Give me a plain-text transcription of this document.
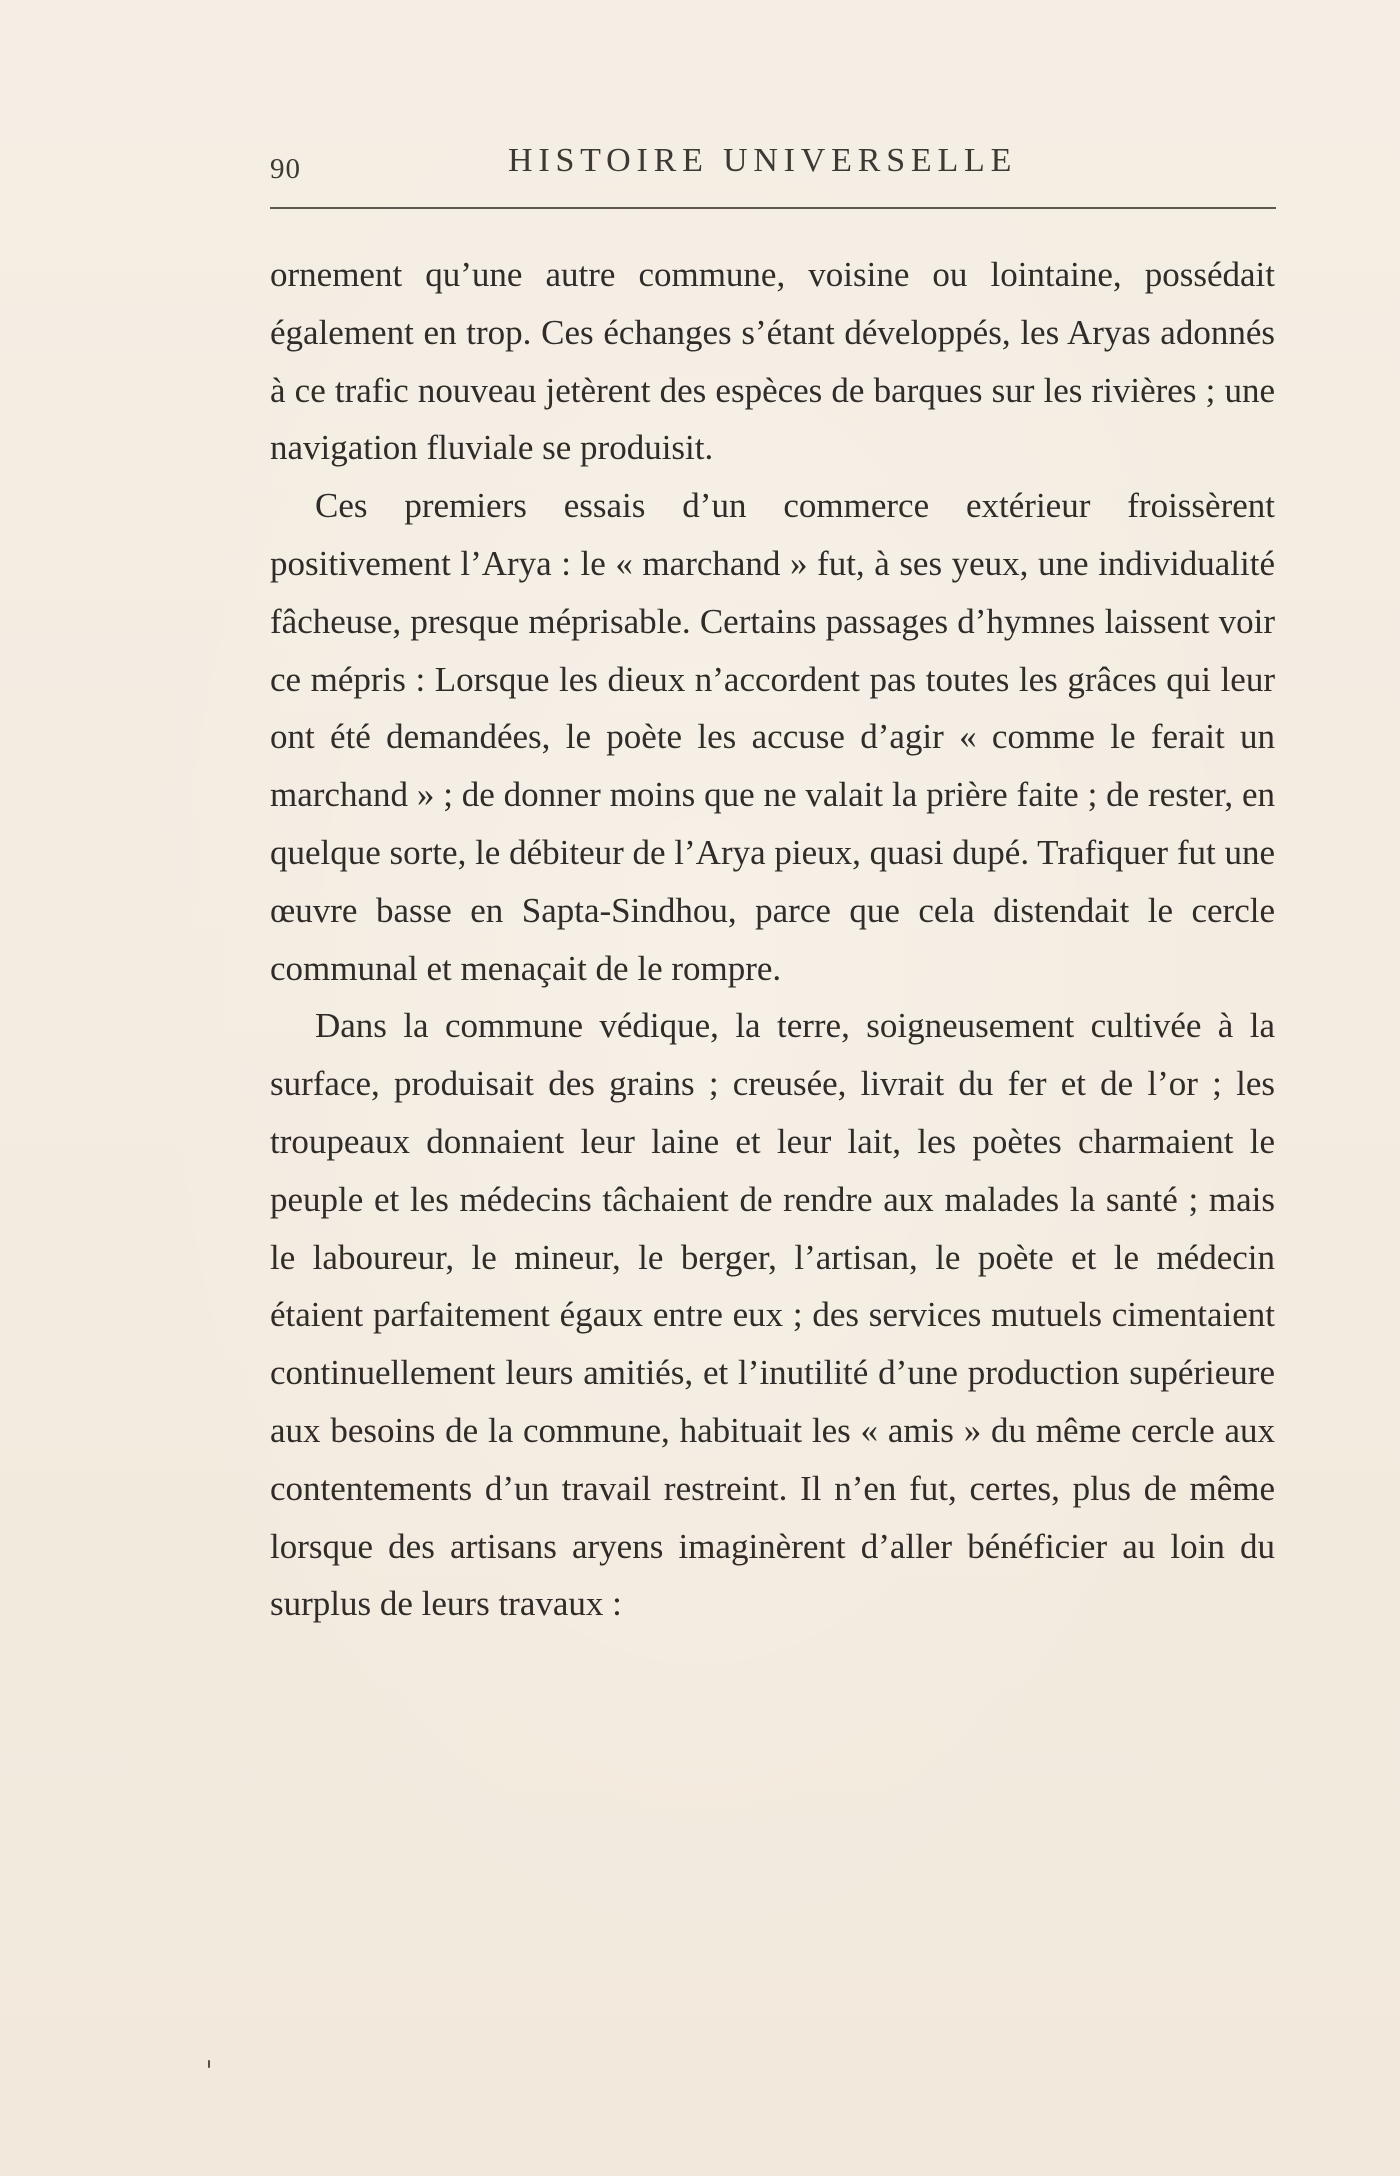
90	HISTOIRE UNIVERSELLE

ornement qu’une autre commune, voisine ou lointaine, possédait également en trop. Ces échanges s’étant développés, les Aryas adonnés à ce trafic nouveau jetèrent des espèces de barques sur les rivières ; une navigation fluviale se produisit.

Ces premiers essais d’un commerce extérieur froissèrent positivement l’Arya : le « marchand » fut, à ses yeux, une individualité fâcheuse, presque méprisable. Certains passages d’hymnes laissent voir ce mépris : Lorsque les dieux n’accordent pas toutes les grâces qui leur ont été demandées, le poète les accuse d’agir « comme le ferait un marchand » ; de donner moins que ne valait la prière faite ; de rester, en quelque sorte, le débiteur de l’Arya pieux, quasi dupé. Trafiquer fut une œuvre basse en Sapta-Sindhou, parce que cela distendait le cercle communal et menaçait de le rompre.

Dans la commune védique, la terre, soigneusement cultivée à la surface, produisait des grains ; creusée, livrait du fer et de l’or ; les troupeaux donnaient leur laine et leur lait, les poètes charmaient le peuple et les médecins tâchaient de rendre aux malades la santé ; mais le laboureur, le mineur, le berger, l’artisan, le poète et le médecin étaient parfaitement égaux entre eux ; des services mutuels cimentaient continuellement leurs amitiés, et l’inutilité d’une production supérieure aux besoins de la commune, habituait les « amis » du même cercle aux contentements d’un travail restreint. Il n’en fut, certes, plus de même lorsque des artisans aryens imaginèrent d’aller bénéficier au loin du surplus de leurs travaux :
